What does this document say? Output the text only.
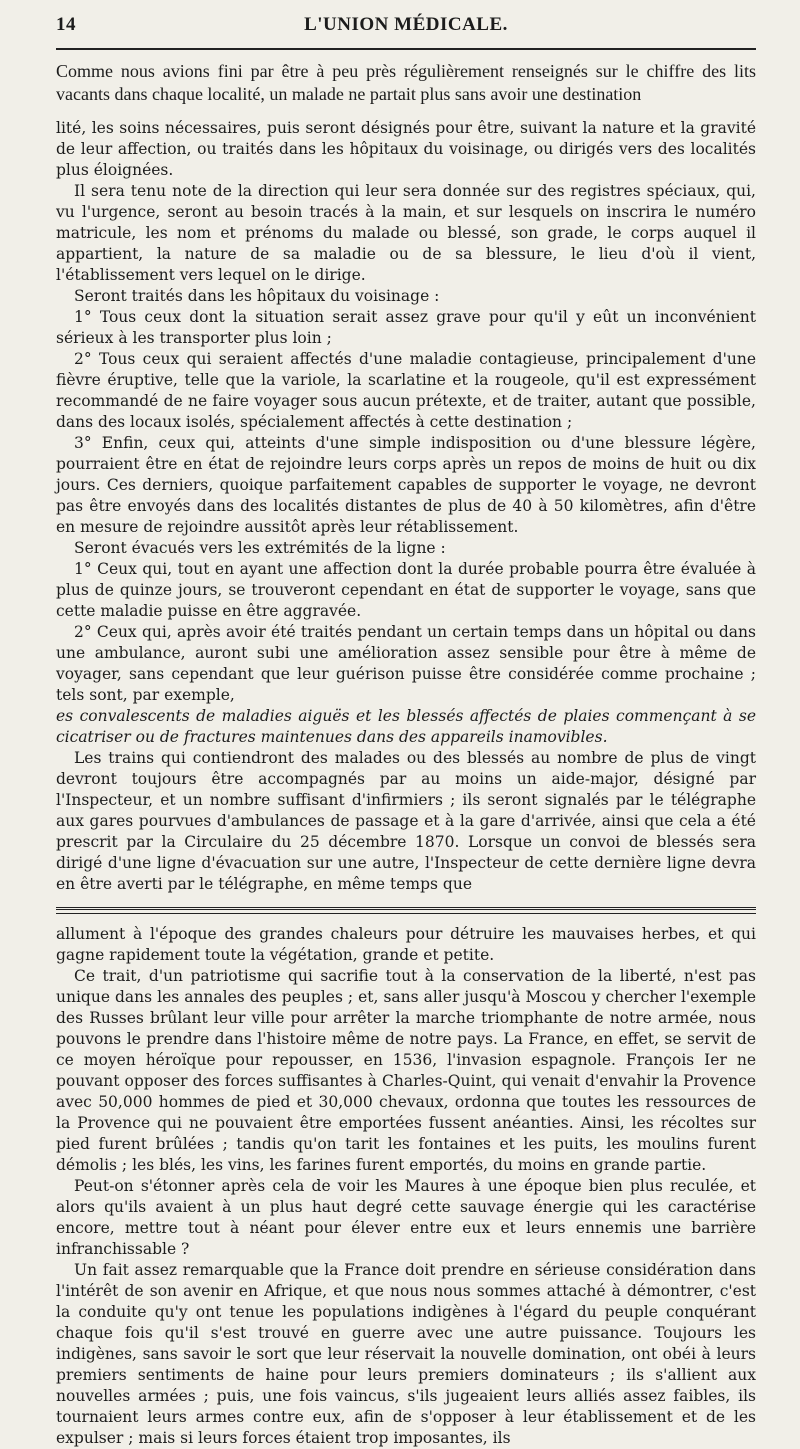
14	L'UNION MÉDICALE.

Comme nous avions fini par être à peu près régulièrement renseignés sur le chiffre des lits vacants dans chaque localité, un malade ne partait plus sans avoir une destination

lité, les soins nécessaires, puis seront désignés pour être, suivant la nature et la gravité de leur affection, ou traités dans les hôpitaux du voisinage, ou dirigés vers des localités plus éloignées.

Il sera tenu note de la direction qui leur sera donnée sur des registres spéciaux, qui, vu l'urgence, seront au besoin tracés à la main, et sur lesquels on inscrira le numéro matricule, les nom et prénoms du malade ou blessé, son grade, le corps auquel il appartient, la nature de sa maladie ou de sa blessure, le lieu d'où il vient, l'établissement vers lequel on le dirige.

Seront traités dans les hôpitaux du voisinage :

1° Tous ceux dont la situation serait assez grave pour qu'il y eût un inconvénient sérieux à les transporter plus loin ;

2° Tous ceux qui seraient affectés d'une maladie contagieuse, principalement d'une fièvre éruptive, telle que la variole, la scarlatine et la rougeole, qu'il est expressément recommandé de ne faire voyager sous aucun prétexte, et de traiter, autant que possible, dans des locaux isolés, spécialement affectés à cette destination ;

3° Enfin, ceux qui, atteints d'une simple indisposition ou d'une blessure légère, pourraient être en état de rejoindre leurs corps après un repos de moins de huit ou dix jours. Ces derniers, quoique parfaitement capables de supporter le voyage, ne devront pas être envoyés dans des localités distantes de plus de 40 à 50 kilomètres, afin d'être en mesure de rejoindre aussitôt après leur rétablissement.

Seront évacués vers les extrémités de la ligne :

1° Ceux qui, tout en ayant une affection dont la durée probable pourra être évaluée à plus de quinze jours, se trouveront cependant en état de supporter le voyage, sans que cette maladie puisse en être aggravée.

2° Ceux qui, après avoir été traités pendant un certain temps dans un hôpital ou dans une ambulance, auront subi une amélioration assez sensible pour être à même de voyager, sans cependant que leur guérison puisse être considérée comme prochaine ; tels sont, par exemple,

es convalescents de maladies aiguës et les blessés affectés de plaies commençant à se cicatriser ou de fractures maintenues dans des appareils inamovibles.

Les trains qui contiendront des malades ou des blessés au nombre de plus de vingt devront toujours être accompagnés par au moins un aide-major, désigné par l'Inspecteur, et un nombre suffisant d'infirmiers ; ils seront signalés par le télégraphe aux gares pourvues d'ambulances de passage et à la gare d'arrivée, ainsi que cela a été prescrit par la Circulaire du 25 décembre 1870. Lorsque un convoi de blessés sera dirigé d'une ligne d'évacuation sur une autre, l'Inspecteur de cette dernière ligne devra en être averti par le télégraphe, en même temps que

allument à l'époque des grandes chaleurs pour détruire les mauvaises herbes, et qui gagne rapidement toute la végétation, grande et petite.

Ce trait, d'un patriotisme qui sacrifie tout à la conservation de la liberté, n'est pas unique dans les annales des peuples ; et, sans aller jusqu'à Moscou y chercher l'exemple des Russes brûlant leur ville pour arrêter la marche triomphante de notre armée, nous pouvons le prendre dans l'histoire même de notre pays. La France, en effet, se servit de ce moyen héroïque pour repousser, en 1536, l'invasion espagnole. François Ier ne pouvant opposer des forces suffisantes à Charles-Quint, qui venait d'envahir la Provence avec 50,000 hommes de pied et 30,000 chevaux, ordonna que toutes les ressources de la Provence qui ne pouvaient être emportées fussent anéanties. Ainsi, les récoltes sur pied furent brûlées ; tandis qu'on tarit les fontaines et les puits, les moulins furent démolis ; les blés, les vins, les farines furent emportés, du moins en grande partie.

Peut-on s'étonner après cela de voir les Maures à une époque bien plus reculée, et alors qu'ils avaient à un plus haut degré cette sauvage énergie qui les caractérise encore, mettre tout à néant pour élever entre eux et leurs ennemis une barrière infranchissable ?

Un fait assez remarquable que la France doit prendre en sérieuse considération dans l'intérêt de son avenir en Afrique, et que nous nous sommes attaché à démontrer, c'est la conduite qu'y ont tenue les populations indigènes à l'égard du peuple conquérant chaque fois qu'il s'est trouvé en guerre avec une autre puissance. Toujours les indigènes, sans savoir le sort que leur réservait la nouvelle domination, ont obéi à leurs premiers sentiments de haine pour leurs premiers dominateurs ; ils s'allient aux nouvelles armées ; puis, une fois vaincus, s'ils jugeaient leurs alliés assez faibles, ils tournaient leurs armes contre eux, afin de s'opposer à leur établissement et de les expulser ; mais si leurs forces étaient trop imposantes, ils
